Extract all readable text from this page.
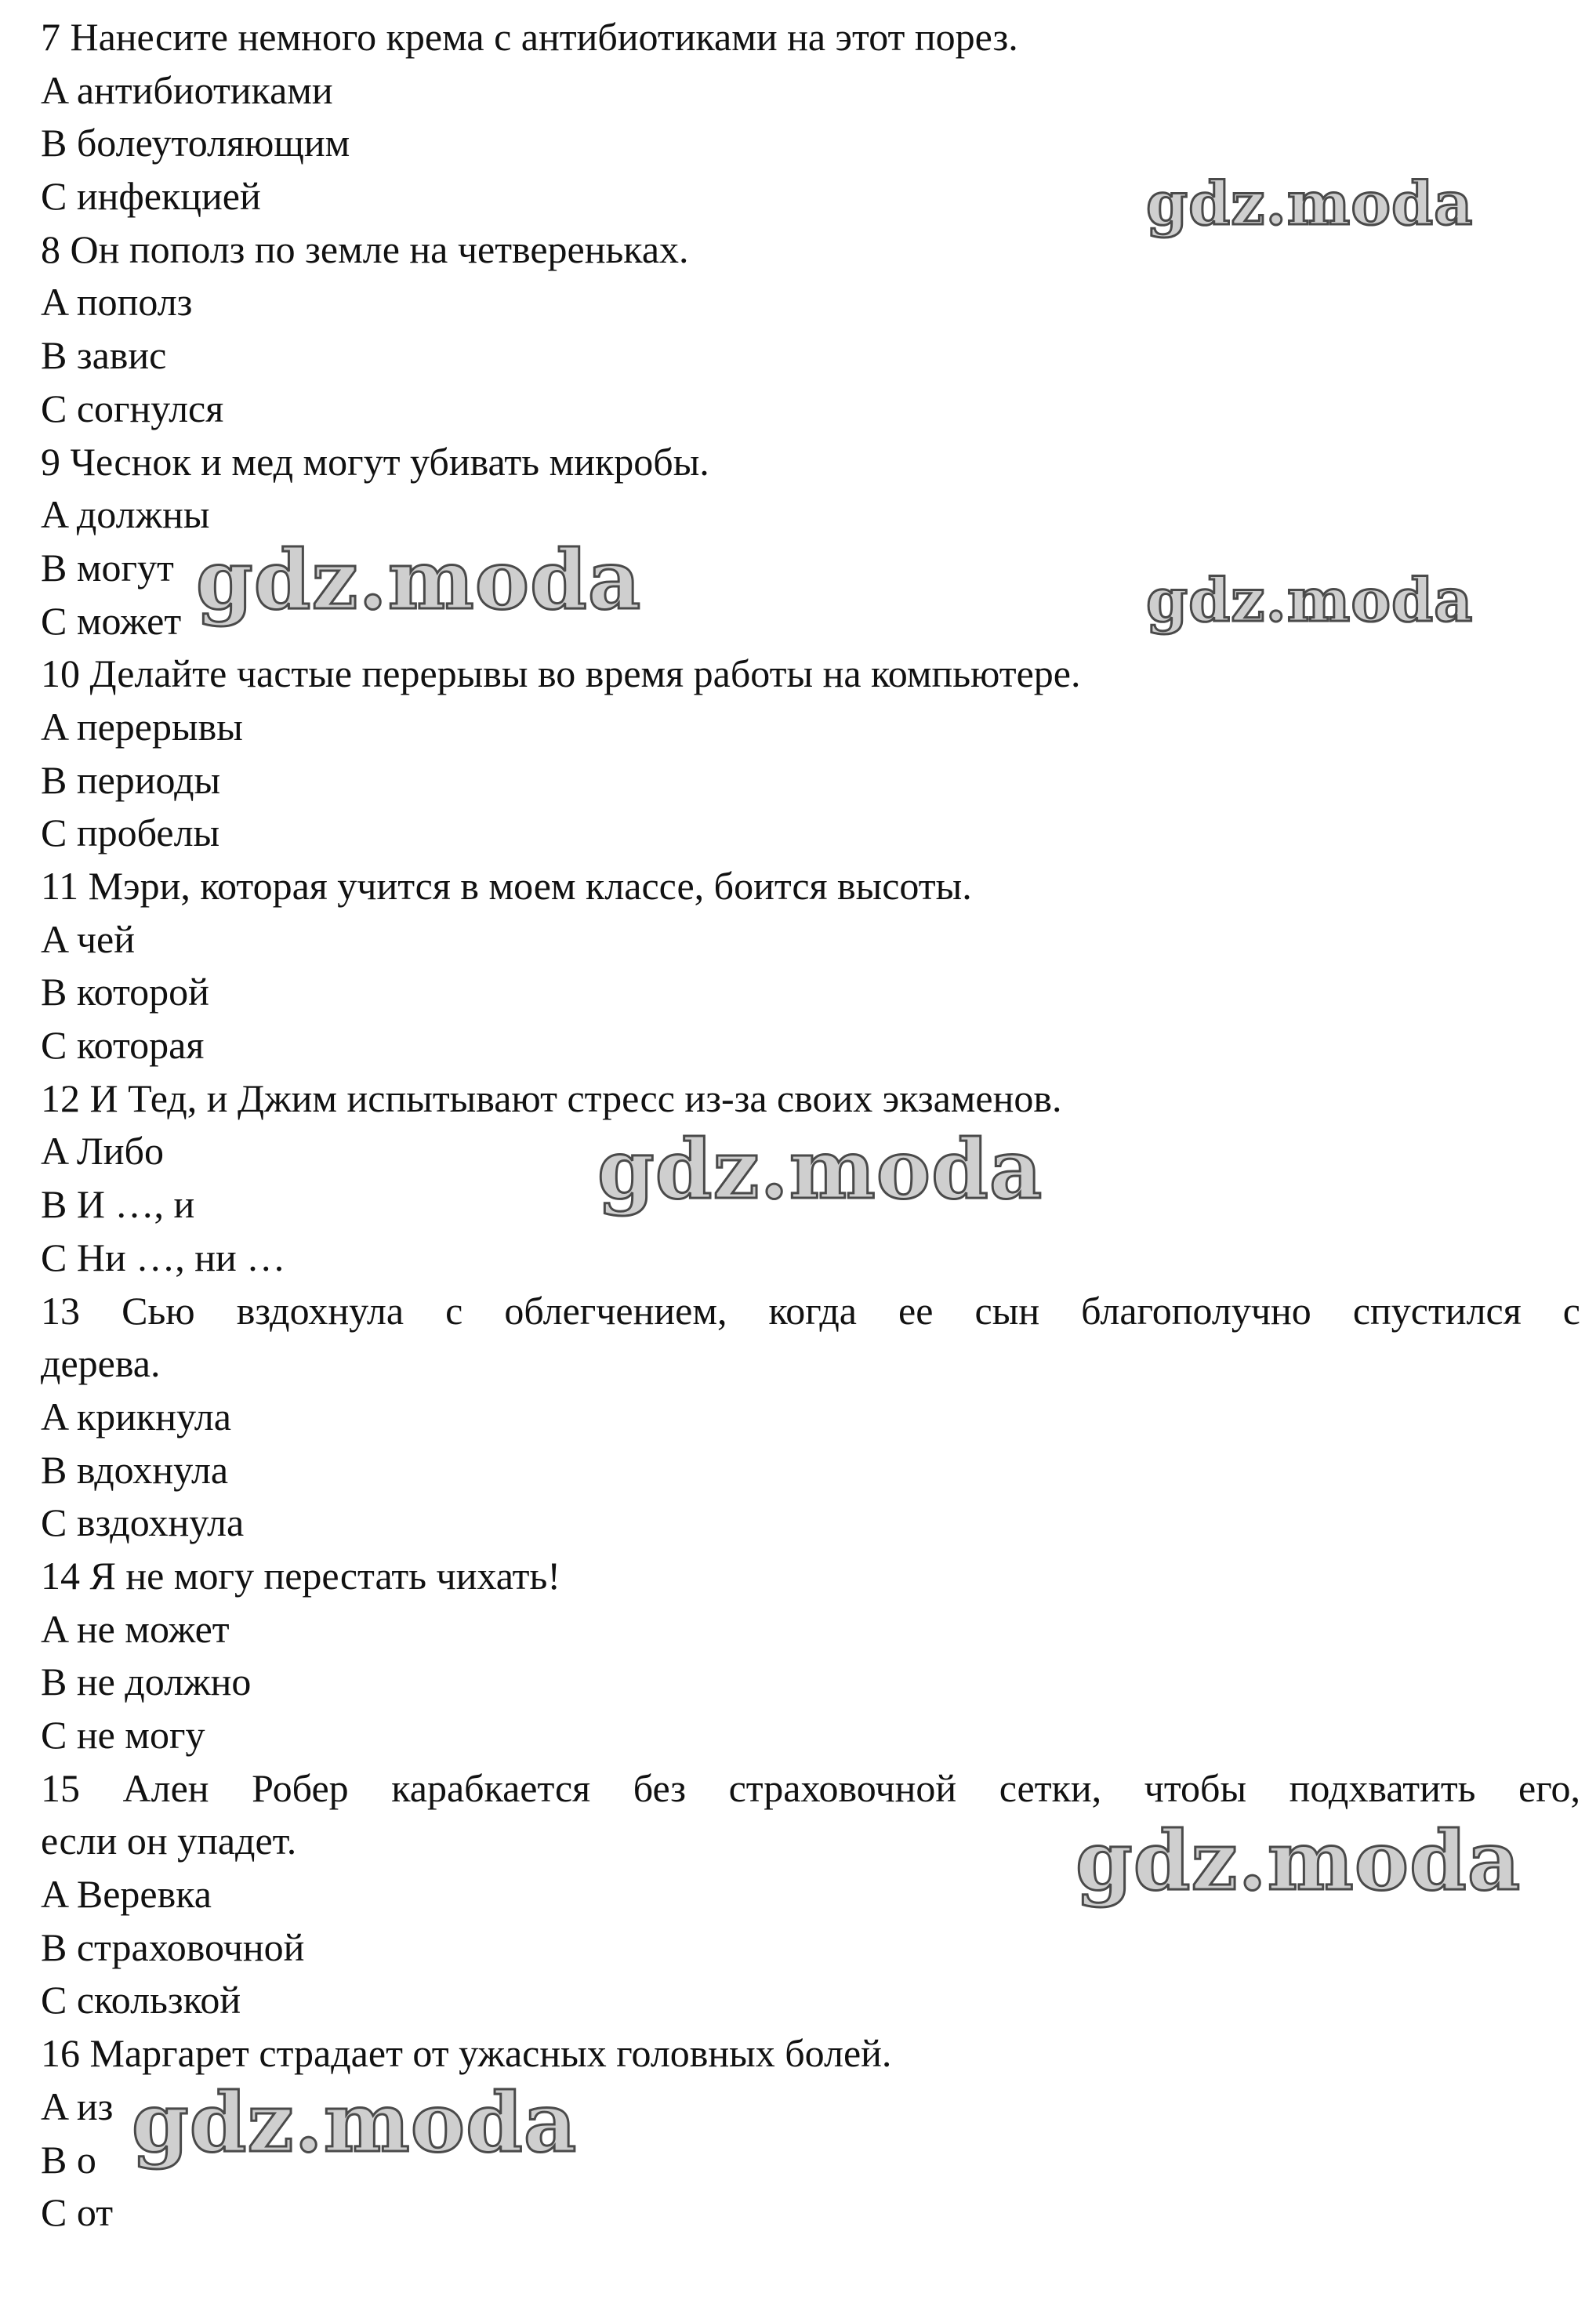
7 Нанесите немного крема с антибиотиками на этот порез.
A антибиотиками
B болеутоляющим
C инфекцией
8 Он пополз по земле на четвереньках.
A пополз
B завис
C согнулся
9 Чеснок и мед могут убивать микробы.
A должны
B могут
C может
10 Делайте частые перерывы во время работы на компьютере.
A перерывы
B периоды
C пробелы
11 Мэри, которая учится в моем классе, боится высоты.
A чей
B которой
C которая
12 И Тед, и Джим испытывают стресс из-за своих экзаменов.
A Либо
B И …, и
C Ни …, ни …
13 Сью вздохнула с облегчением, когда ее сын благополучно спустился с
дерева.
A крикнула
B вдохнула
C вздохнула
14 Я не могу перестать чихать!
A не может
B не должно
C не могу
15 Ален Робер карабкается без страховочной сетки, чтобы подхватить его,
если он упадет.
A Веревка
B страховочной
C скользкой
16 Маргарет страдает от ужасных головных болей.
A из
B о
C от
gdz.moda
gdz.moda	gdz.moda
gdz.moda
gdz.moda
gdz.moda
